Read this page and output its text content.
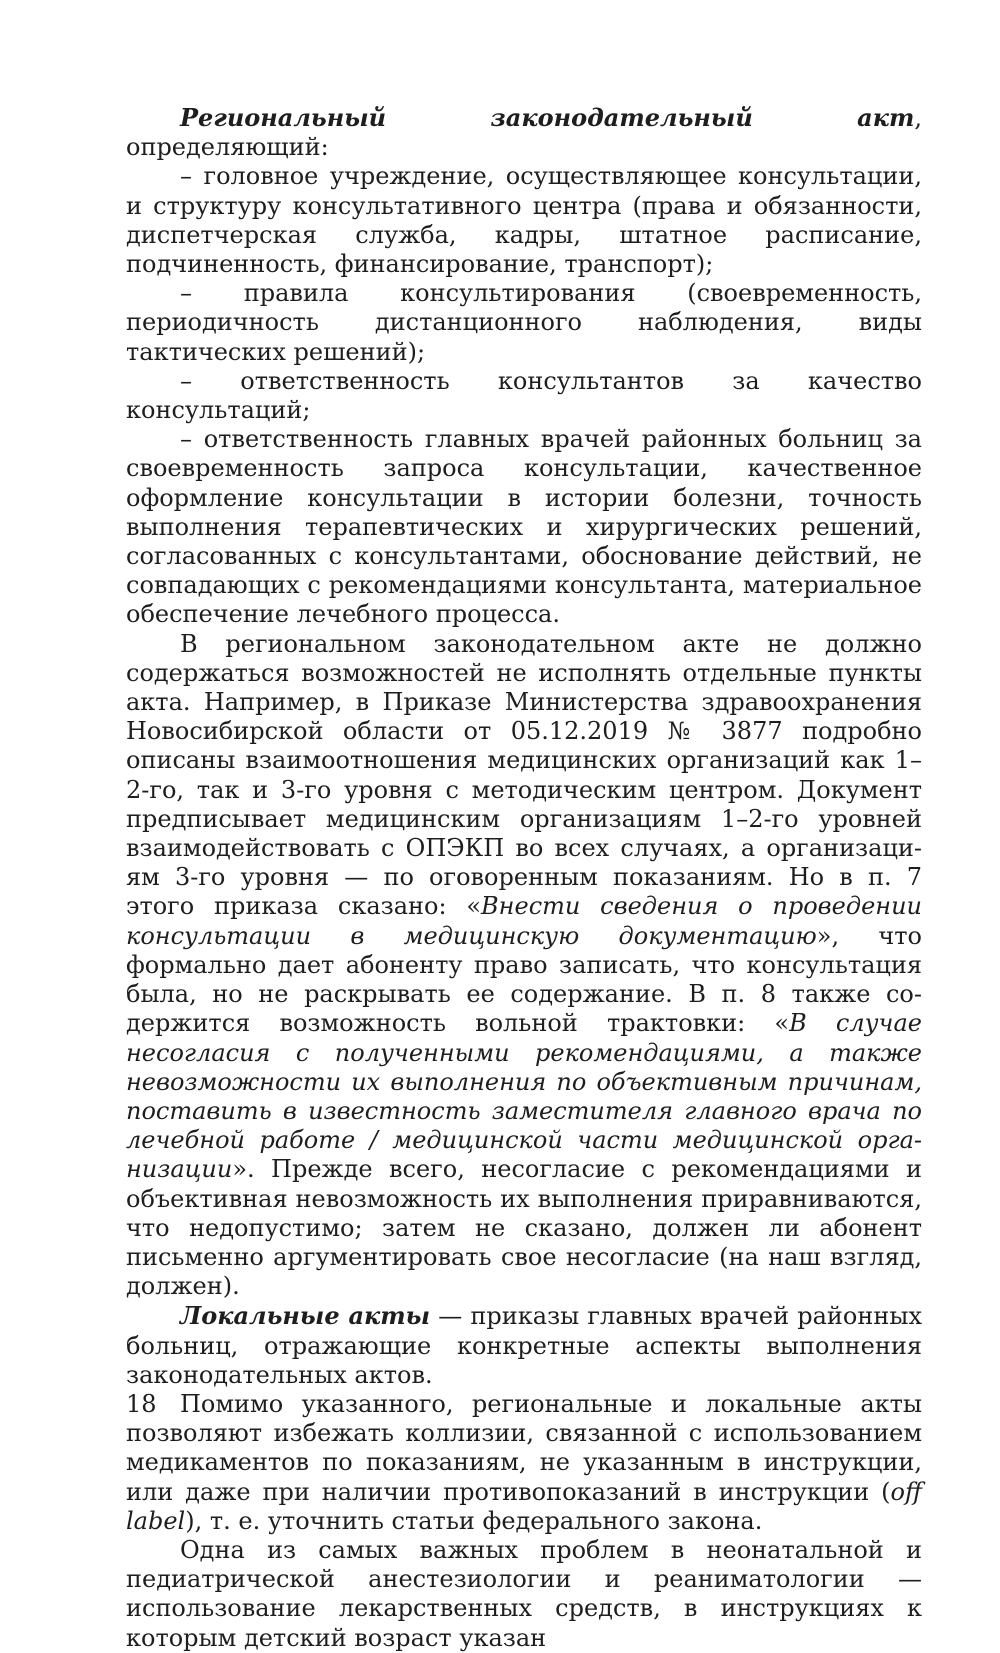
Региональный законодательный акт, определяющий:

– головное учреждение, осуществляющее консультации, и структуру консультативного центра (права и обязанности, диспетчерская служба, кадры, штатное расписание, подчиненность, финансирование, транспорт);

– правила консультирования (своевременность, периодичность дистанционного наблюдения, виды тактических решений);

– ответственность консультантов за качество консультаций;

– ответственность главных врачей районных больниц за своевременность запроса консультации, качественное оформление консультации в истории болезни, точность выполнения терапевтических и хирургических решений, согласованных с консультантами, обоснование действий, не совпадающих с рекомендациями консультанта, материальное обеспечение лечебного процесса.

В региональном законодательном акте не должно содержаться возможностей не исполнять отдельные пункты акта. Например, в Приказе Министерства здравоохранения Новосибирской области от 05.12.2019 № 3877 подробно описаны взаимоотношения медицинских организаций как 1–2-го, так и 3-го уровня с методическим центром. Документ предписывает медицинским организациям 1–2-го уровней взаимодействовать с ОПЭКП во всех случаях, а организациям 3-го уровня — по оговоренным показаниям. Но в п. 7 этого приказа сказано: «Внести сведения о проведении консультации в медицинскую документацию», что формально дает абоненту право записать, что консультация была, но не раскрывать ее содержание. В п. 8 также содержится возможность вольной трактовки: «В случае несогласия с полученными рекомендациями, а также невозможности их выполнения по объективным причинам, поставить в известность заместителя главного врача по лечебной работе / медицинской части медицинской организации». Прежде всего, несогласие с рекомендациями и объективная невозможность их выполнения приравниваются, что недопустимо; затем не сказано, должен ли абонент письменно аргументировать свое несогласие (на наш взгляд, должен).

Локальные акты — приказы главных врачей районных больниц, отражающие конкретные аспекты выполнения законодательных актов.

Помимо указанного, региональные и локальные акты позволяют избежать коллизии, связанной с использованием медикаментов по показаниям, не указанным в инструкции, или даже при наличии противопоказаний в инструкции (off label), т. е. уточнить статьи федерального закона.

Одна из самых важных проблем в неонатальной и педиатрической анестезиологии и реаниматологии — использование лекарственных средств, в инструкциях к которым детский возраст указан

18
